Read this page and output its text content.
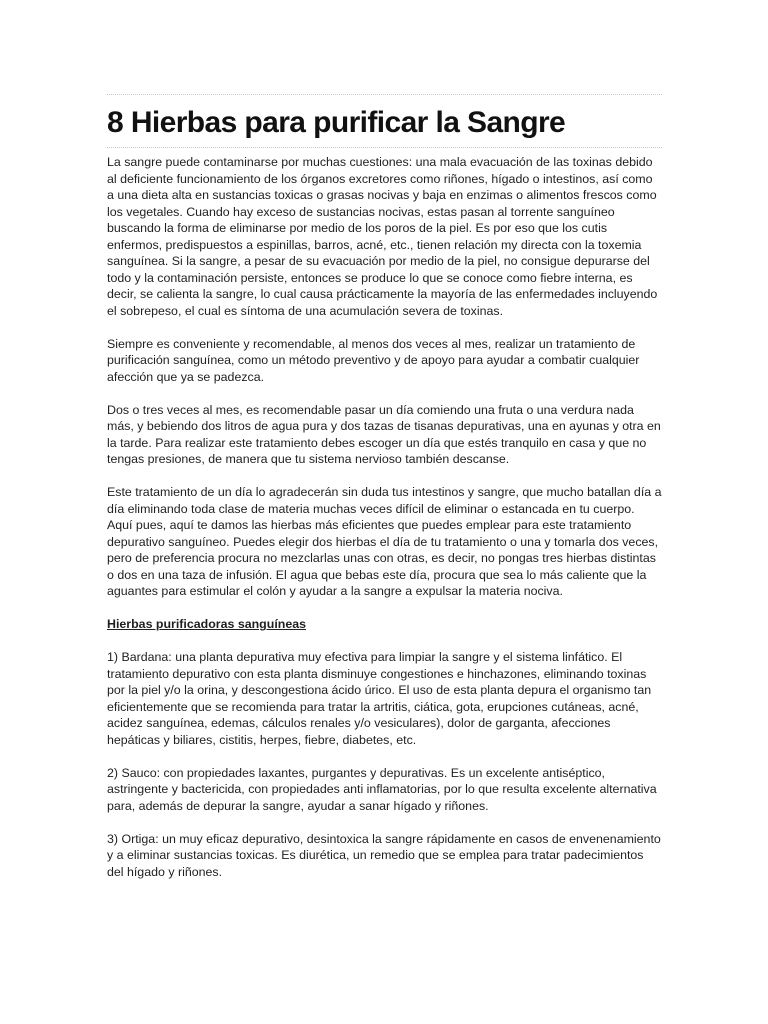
8 Hierbas para purificar la Sangre

La sangre puede contaminarse por muchas cuestiones: una mala evacuación de las toxinas debido al deficiente funcionamiento de los órganos excretores como riñones, hígado o intestinos, así como a una dieta alta en sustancias toxicas o grasas nocivas y baja en enzimas o alimentos frescos como los vegetales. Cuando hay exceso de sustancias nocivas, estas pasan al torrente sanguíneo buscando la forma de eliminarse por medio de los poros de la piel. Es por eso que los cutis enfermos, predispuestos a espinillas, barros, acné, etc., tienen relación my directa con la toxemia sanguínea. Si la sangre, a pesar de su evacuación por medio de la piel, no consigue depurarse del todo y la contaminación persiste, entonces se produce lo que se conoce como fiebre interna, es decir, se calienta la sangre, lo cual causa prácticamente la mayoría de las enfermedades incluyendo el sobrepeso, el cual es síntoma de una acumulación severa de toxinas.

Siempre es conveniente y recomendable, al menos dos veces al mes, realizar un tratamiento de purificación sanguínea, como un método preventivo y de apoyo para ayudar a combatir cualquier afección que ya se padezca.

Dos o tres veces al mes, es recomendable pasar un día comiendo una fruta o una verdura nada más, y bebiendo dos litros de agua pura y dos tazas de tisanas depurativas, una en ayunas y otra en la tarde. Para realizar este tratamiento debes escoger un día que estés tranquilo en casa y que no tengas presiones, de manera que tu sistema nervioso también descanse.

Este tratamiento de un día lo agradecerán sin duda tus intestinos y sangre, que mucho batallan día a día eliminando toda clase de materia muchas veces difícil de eliminar o estancada en tu cuerpo. Aquí pues, aquí te damos las hierbas más eficientes que puedes emplear para este tratamiento depurativo sanguíneo. Puedes elegir dos hierbas el día de tu tratamiento o una y tomarla dos veces, pero de preferencia procura no mezclarlas unas con otras, es decir, no pongas tres hierbas distintas o dos en una taza de infusión. El agua que bebas este día, procura que sea lo más caliente que la aguantes para estimular el colón y ayudar a la sangre a expulsar la materia nociva.

Hierbas purificadoras sanguíneas

1) Bardana: una planta depurativa muy efectiva para limpiar la sangre y el sistema linfático. El tratamiento depurativo con esta planta disminuye congestiones e hinchazones, eliminando toxinas por la piel y/o la orina, y descongestiona ácido úrico. El uso de esta planta depura el organismo tan eficientemente que se recomienda para tratar la artritis, ciática, gota, erupciones cutáneas, acné, acidez sanguínea, edemas, cálculos renales y/o vesiculares), dolor de garganta, afecciones hepáticas y biliares, cistitis, herpes, fiebre, diabetes, etc.

2) Sauco: con propiedades laxantes, purgantes y depurativas. Es un excelente antiséptico, astringente y bactericida, con propiedades anti inflamatorias, por lo que resulta excelente alternativa para, además de depurar la sangre, ayudar a sanar hígado y riñones.

3) Ortiga: un muy eficaz depurativo, desintoxica la sangre rápidamente en casos de envenenamiento y a eliminar sustancias toxicas. Es diurética, un remedio que se emplea para tratar padecimientos del hígado y riñones.
